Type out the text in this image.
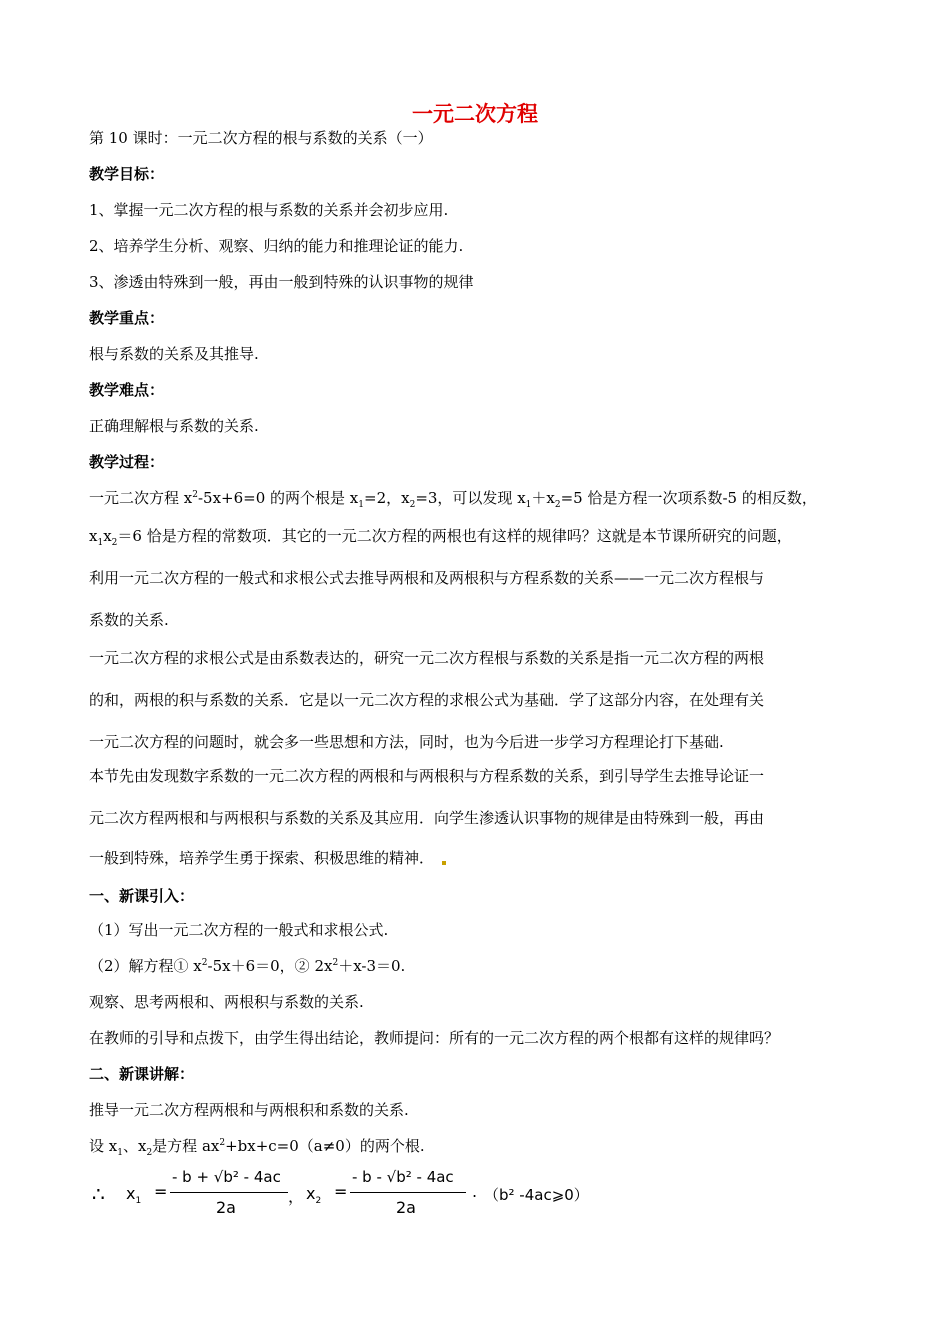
一元二次方程
第 10 课时：一元二次方程的根与系数的关系（一）
教学目标：
1、掌握一元二次方程的根与系数的关系并会初步应用.
2、培养学生分析、观察、归纳的能力和推理论证的能力.
3、渗透由特殊到一般，再由一般到特殊的认识事物的规律
教学重点：
根与系数的关系及其推导.
教学难点：
正确理解根与系数的关系.
教学过程：
一元二次方程 $x^2-5x+6=0$ 的两个根是 $x_1=2$，$x_2=3$，可以发现 $x_1+x_2=5$ 恰是方程一次项系数-5 的相反数，
$x_1x_2=6$ 恰是方程的常数项．其它的一元二次方程的两根也有这样的规律吗？这就是本节课所研究的问题，
利用一元二次方程的一般式和求根公式去推导两根和及两根积与方程系数的关系——一元二次方程根与
系数的关系.
一元二次方程的求根公式是由系数表达的，研究一元二次方程根与系数的关系是指一元二次方程的两根
的和，两根的积与系数的关系．它是以一元二次方程的求根公式为基础．学了这部分内容，在处理有关
一元二次方程的问题时，就会多一些思想和方法，同时，也为今后进一步学习方程理论打下基础.
本节先由发现数字系数的一元二次方程的两根和与两根积与方程系数的关系，到引导学生去推导论证一
元二次方程两根和与两根积与系数的关系及其应用．向学生渗透认识事物的规律是由特殊到一般，再由
一般到特殊，培养学生勇于探索、积极思维的精神．
一、新课引入：
（1）写出一元二次方程的一般式和求根公式.
（2）解方程① $x^2-5x+6=0$，② $2x^2+x-3=0$.
观察、思考两根和、两根积与系数的关系.
在教师的引导和点拨下，由学生得出结论，教师提问：所有的一元二次方程的两个根都有这样的规律吗？
二、新课讲解：
推导一元二次方程两根和与两根积和系数的关系.
设 $x_1$、$x_2$是方程 $ax^2+bx+c=0(a\ne 0)$的两个根.
∴ $x_1$
=
- b + √b² - 4ac
2a
， $x_2$
=
- b - √b² - 4ac
2a
. （b² -4ac⩾0）
